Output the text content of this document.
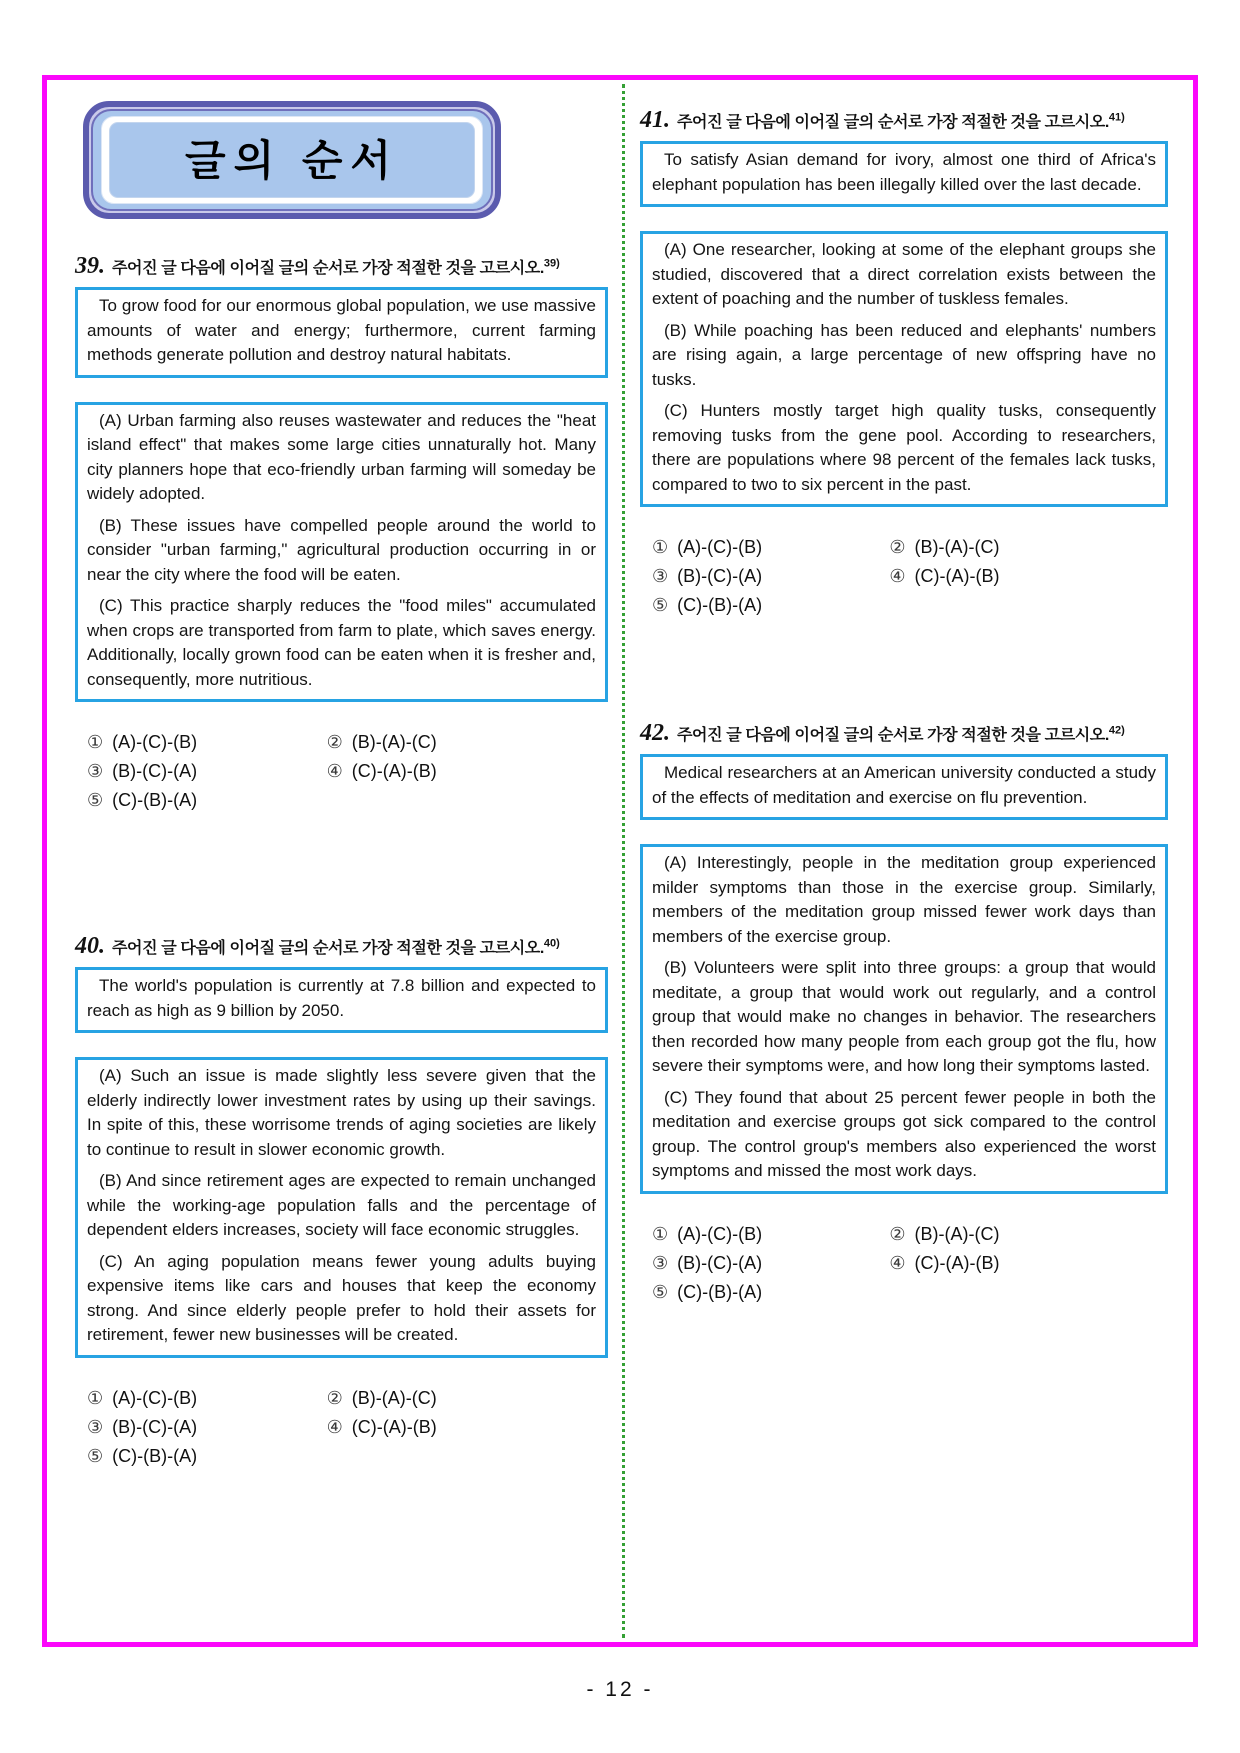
글의 순서
39. 주어진 글 다음에 이어질 글의 순서로 가장 적절한 것을 고르시오.$^{39)}$

To grow food for our enormous global population, we use massive amounts of water and energy; furthermore, current farming methods generate pollution and destroy natural habitats.

(A) Urban farming also reuses wastewater and reduces the "heat island effect" that makes some large cities unnaturally hot. Many city planners hope that eco-friendly urban farming will someday be widely adopted.

(B) These issues have compelled people around the world to consider "urban farming," agricultural production occurring in or near the city where the food will be eaten.

(C) This practice sharply reduces the "food miles" accumulated when crops are transported from farm to plate, which saves energy. Additionally, locally grown food can be eaten when it is fresher and, consequently, more nutritious.

① (A)-(C)-(B)	② (B)-(A)-(C)
③ (B)-(C)-(A)	④ (C)-(A)-(B)
⑤ (C)-(B)-(A)
40. 주어진 글 다음에 이어질 글의 순서로 가장 적절한 것을 고르시오.$^{40)}$

The world's population is currently at 7.8 billion and expected to reach as high as 9 billion by 2050.

(A) Such an issue is made slightly less severe given that the elderly indirectly lower investment rates by using up their savings. In spite of this, these worrisome trends of aging societies are likely to continue to result in slower economic growth.

(B) And since retirement ages are expected to remain unchanged while the working-age population falls and the percentage of dependent elders increases, society will face economic struggles.

(C) An aging population means fewer young adults buying expensive items like cars and houses that keep the economy strong. And since elderly people prefer to hold their assets for retirement, fewer new businesses will be created.

① (A)-(C)-(B)	② (B)-(A)-(C)
③ (B)-(C)-(A)	④ (C)-(A)-(B)
⑤ (C)-(B)-(A)
41. 주어진 글 다음에 이어질 글의 순서로 가장 적절한 것을 고르시오.$^{41)}$

To satisfy Asian demand for ivory, almost one third of Africa's elephant population has been illegally killed over the last decade.

(A) One researcher, looking at some of the elephant groups she studied, discovered that a direct correlation exists between the extent of poaching and the number of tuskless females.

(B) While poaching has been reduced and elephants' numbers are rising again, a large percentage of new offspring have no tusks.

(C) Hunters mostly target high quality tusks, consequently removing tusks from the gene pool. According to researchers, there are populations where 98 percent of the females lack tusks, compared to two to six percent in the past.

① (A)-(C)-(B)	② (B)-(A)-(C)
③ (B)-(C)-(A)	④ (C)-(A)-(B)
⑤ (C)-(B)-(A)
42. 주어진 글 다음에 이어질 글의 순서로 가장 적절한 것을 고르시오.$^{42)}$

Medical researchers at an American university conducted a study of the effects of meditation and exercise on flu prevention.

(A) Interestingly, people in the meditation group experienced milder symptoms than those in the exercise group. Similarly, members of the meditation group missed fewer work days than members of the exercise group.

(B) Volunteers were split into three groups: a group that would meditate, a group that would work out regularly, and a control group that would make no changes in behavior. The researchers then recorded how many people from each group got the flu, how severe their symptoms were, and how long their symptoms lasted.

(C) They found that about 25 percent fewer people in both the meditation and exercise groups got sick compared to the control group. The control group's members also experienced the worst symptoms and missed the most work days.

① (A)-(C)-(B)	② (B)-(A)-(C)
③ (B)-(C)-(A)	④ (C)-(A)-(B)
⑤ (C)-(B)-(A)
- 12 -
